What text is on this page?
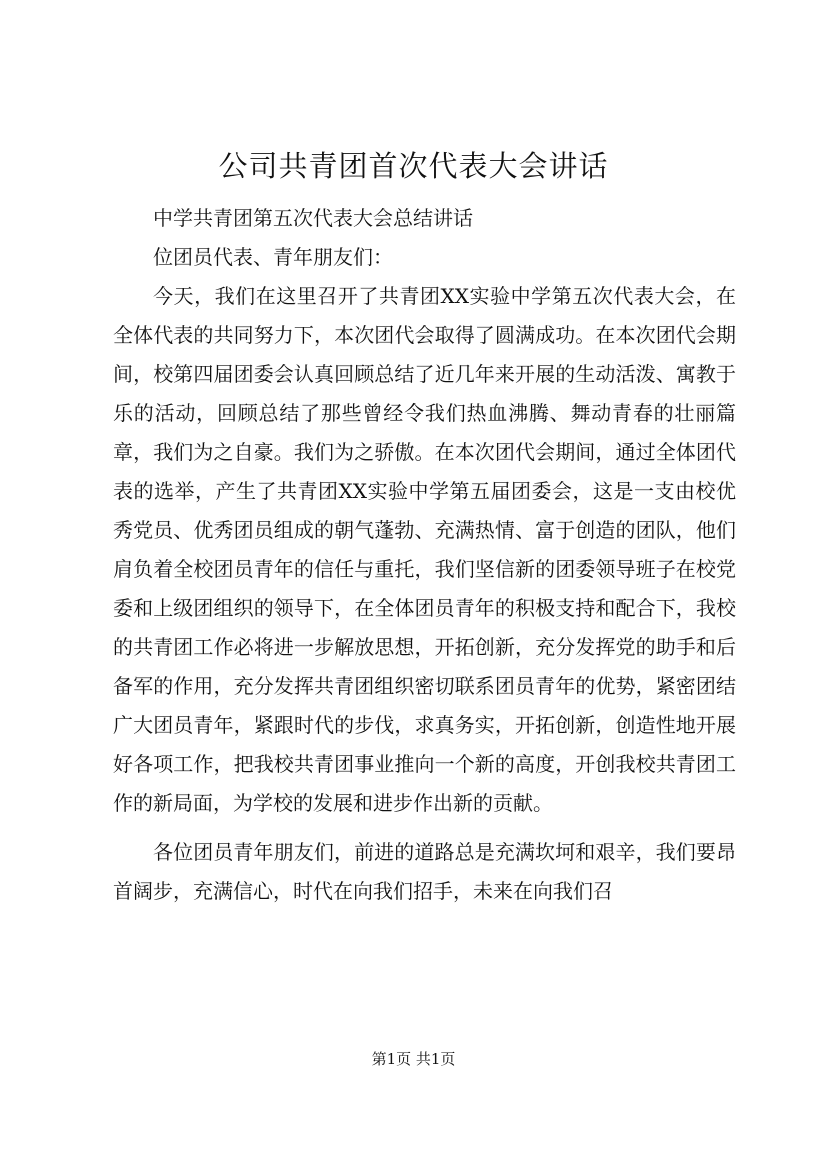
公司共青团首次代表大会讲话

中学共青团第五次代表大会总结讲话

位团员代表、青年朋友们：

今天，我们在这里召开了共青团XX实验中学第五次代表大会，在全体代表的共同努力下，本次团代会取得了圆满成功。在本次团代会期间，校第四届团委会认真回顾总结了近几年来开展的生动活泼、寓教于乐的活动，回顾总结了那些曾经令我们热血沸腾、舞动青春的壮丽篇章，我们为之自豪。我们为之骄傲。在本次团代会期间，通过全体团代表的选举，产生了共青团XX实验中学第五届团委会，这是一支由校优秀党员、优秀团员组成的朝气蓬勃、充满热情、富于创造的团队，他们肩负着全校团员青年的信任与重托，我们坚信新的团委领导班子在校党委和上级团组织的领导下，在全体团员青年的积极支持和配合下，我校的共青团工作必将进一步解放思想，开拓创新，充分发挥党的助手和后备军的作用，充分发挥共青团组织密切联系团员青年的优势，紧密团结广大团员青年，紧跟时代的步伐，求真务实，开拓创新，创造性地开展好各项工作，把我校共青团事业推向一个新的高度，开创我校共青团工作的新局面，为学校的发展和进步作出新的贡献。

各位团员青年朋友们，前进的道路总是充满坎坷和艰辛，我们要昂首阔步，充满信心，时代在向我们招手，未来在向我们召

第1页 共1页
